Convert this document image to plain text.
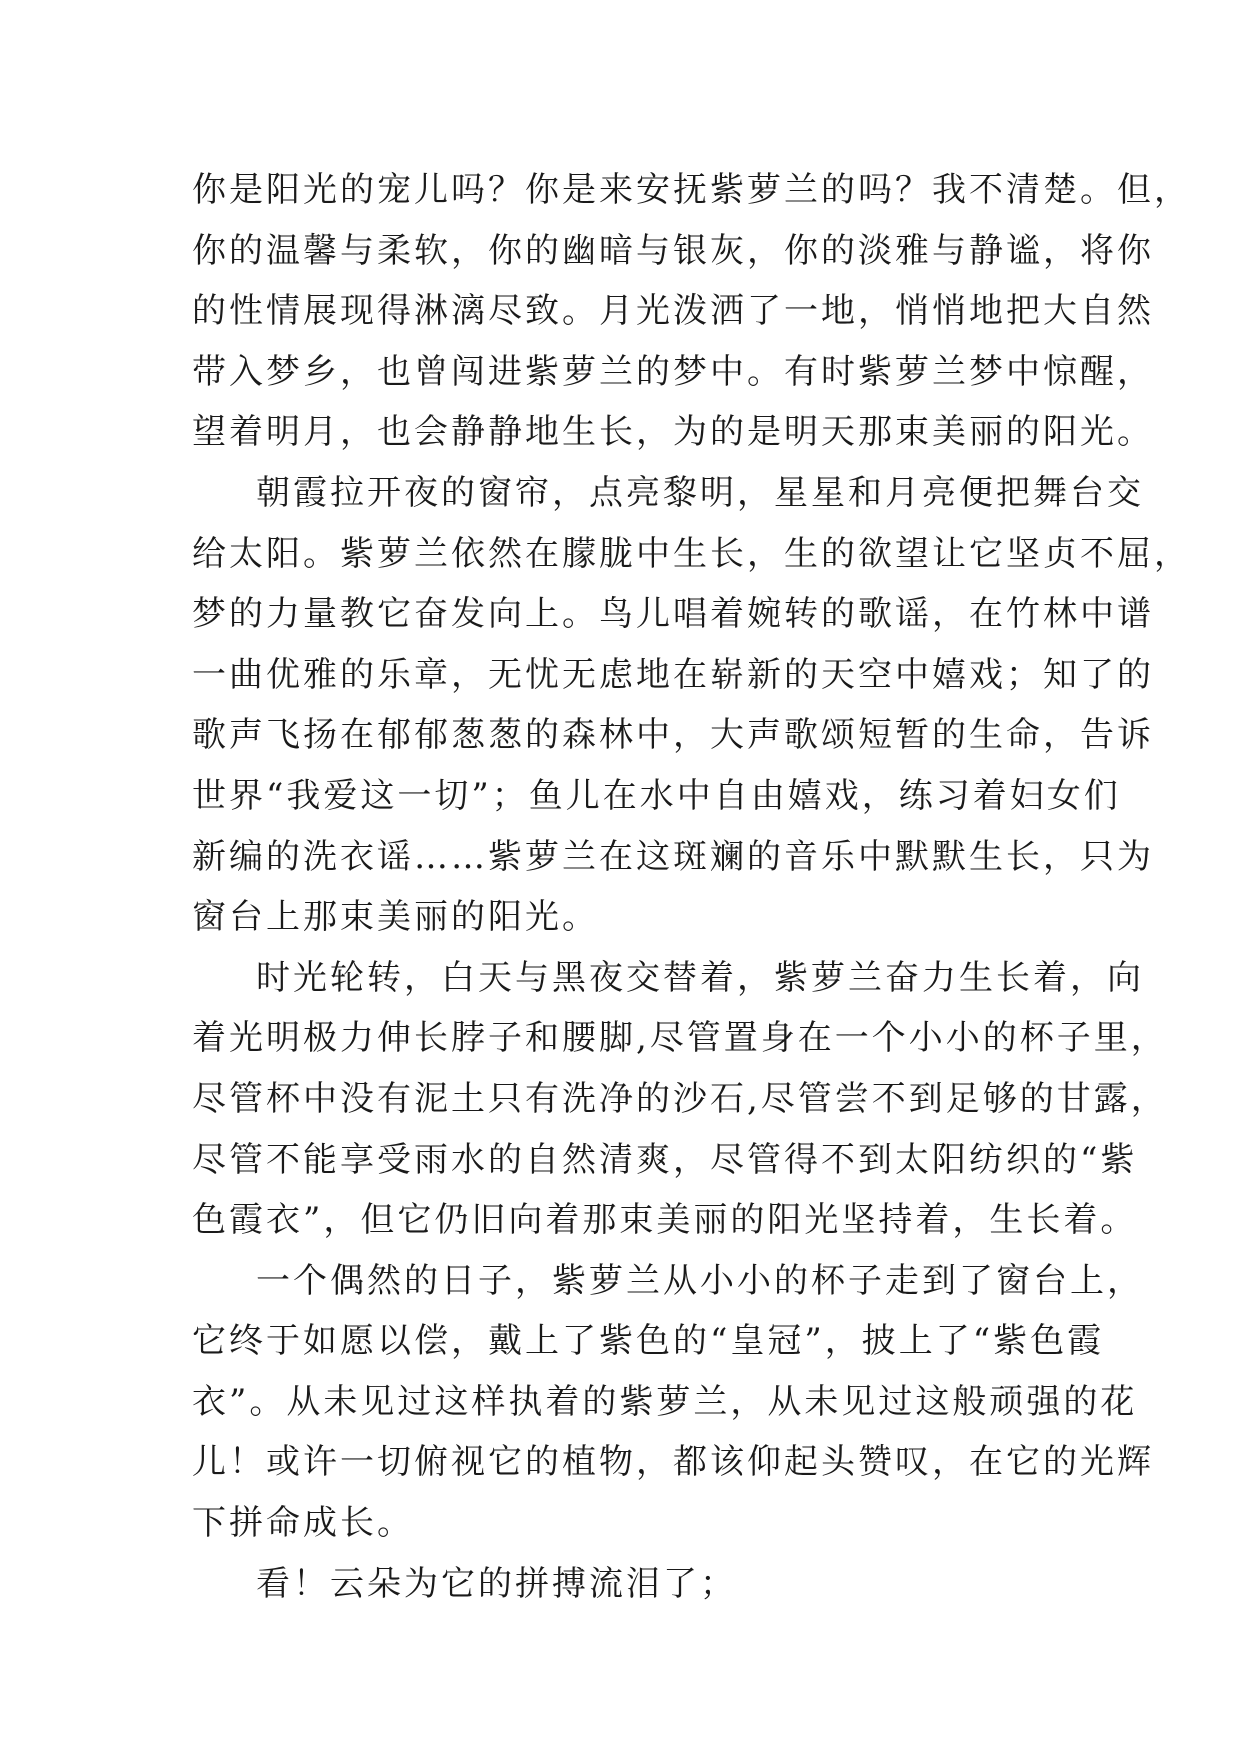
你是阳光的宠儿吗？你是来安抚紫萝兰的吗？我不清楚。但，
你的温馨与柔软，你的幽暗与银灰，你的淡雅与静谧，将你
的性情展现得淋漓尽致。月光泼洒了一地，悄悄地把大自然
带入梦乡，也曾闯进紫萝兰的梦中。有时紫萝兰梦中惊醒，
望着明月，也会静静地生长，为的是明天那束美丽的阳光。
朝霞拉开夜的窗帘，点亮黎明，星星和月亮便把舞台交
给太阳。紫萝兰依然在朦胧中生长，生的欲望让它坚贞不屈，
梦的力量教它奋发向上。鸟儿唱着婉转的歌谣，在竹林中谱
一曲优雅的乐章，无忧无虑地在崭新的天空中嬉戏；知了的
歌声飞扬在郁郁葱葱的森林中，大声歌颂短暂的生命，告诉
世界“我爱这一切”；鱼儿在水中自由嬉戏，练习着妇女们
新编的洗衣谣……紫萝兰在这斑斓的音乐中默默生长，只为
窗台上那束美丽的阳光。
时光轮转，白天与黑夜交替着，紫萝兰奋力生长着，向
着光明极力伸长脖子和腰脚,尽管置身在一个小小的杯子里，
尽管杯中没有泥土只有洗净的沙石,尽管尝不到足够的甘露，
尽管不能享受雨水的自然清爽，尽管得不到太阳纺织的“紫
色霞衣”，但它仍旧向着那束美丽的阳光坚持着，生长着。
一个偶然的日子，紫萝兰从小小的杯子走到了窗台上，
它终于如愿以偿，戴上了紫色的“皇冠”，披上了“紫色霞
衣”。从未见过这样执着的紫萝兰，从未见过这般顽强的花
儿！或许一切俯视它的植物，都该仰起头赞叹，在它的光辉
下拼命成长。
看！云朵为它的拼搏流泪了；
